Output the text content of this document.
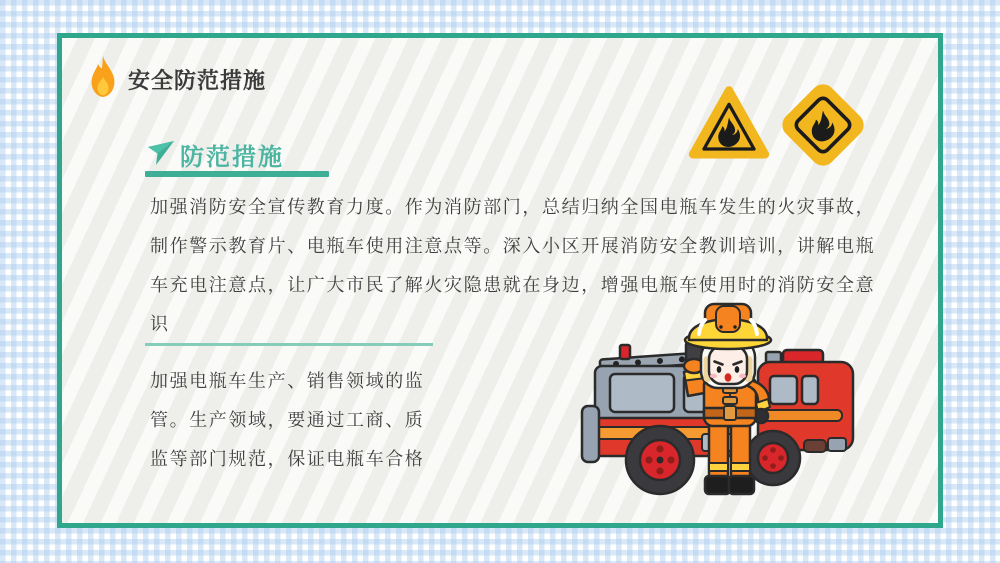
安全防范措施
防范措施
加强消防安全宣传教育力度。作为消防部门，总结归纳全国电瓶车发生的火灾事故，
制作警示教育片、电瓶车使用注意点等。深入小区开展消防安全教训培训，讲解电瓶
车充电注意点，让广大市民了解火灾隐患就在身边，增强电瓶车使用时的消防安全意
识
加强电瓶车生产、销售领域的监
管。生产领域，要通过工商、质
监等部门规范，保证电瓶车合格
